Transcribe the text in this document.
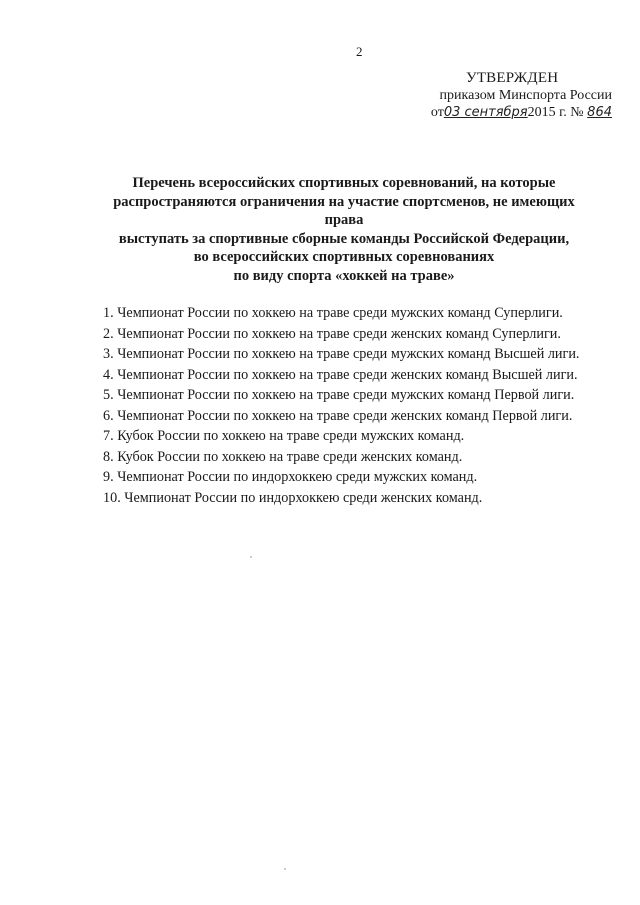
2
УТВЕРЖДЕН
приказом Минспорта России
от03 сентября2015 г. № 864
Перечень всероссийских спортивных соревнований, на которые
распространяются ограничения на участие спортсменов, не имеющих права
выступать за спортивные сборные команды Российской Федерации,
во всероссийских спортивных соревнованиях
по виду спорта «хоккей на траве»
1. Чемпионат России по хоккею на траве среди мужских команд Суперлиги.
2. Чемпионат России по хоккею на траве среди женских команд Суперлиги.
3. Чемпионат России по хоккею на траве среди мужских команд Высшей лиги.
4. Чемпионат России по хоккею на траве среди женских команд Высшей лиги.
5. Чемпионат России по хоккею на траве среди мужских команд Первой лиги.
6. Чемпионат России по хоккею на траве среди женских команд Первой лиги.
7. Кубок России по хоккею на траве среди мужских команд.
8. Кубок России по хоккею на траве среди женских команд.
9. Чемпионат России по индорхоккею среди мужских команд.
10. Чемпионат России по индорхоккею среди женских команд.
